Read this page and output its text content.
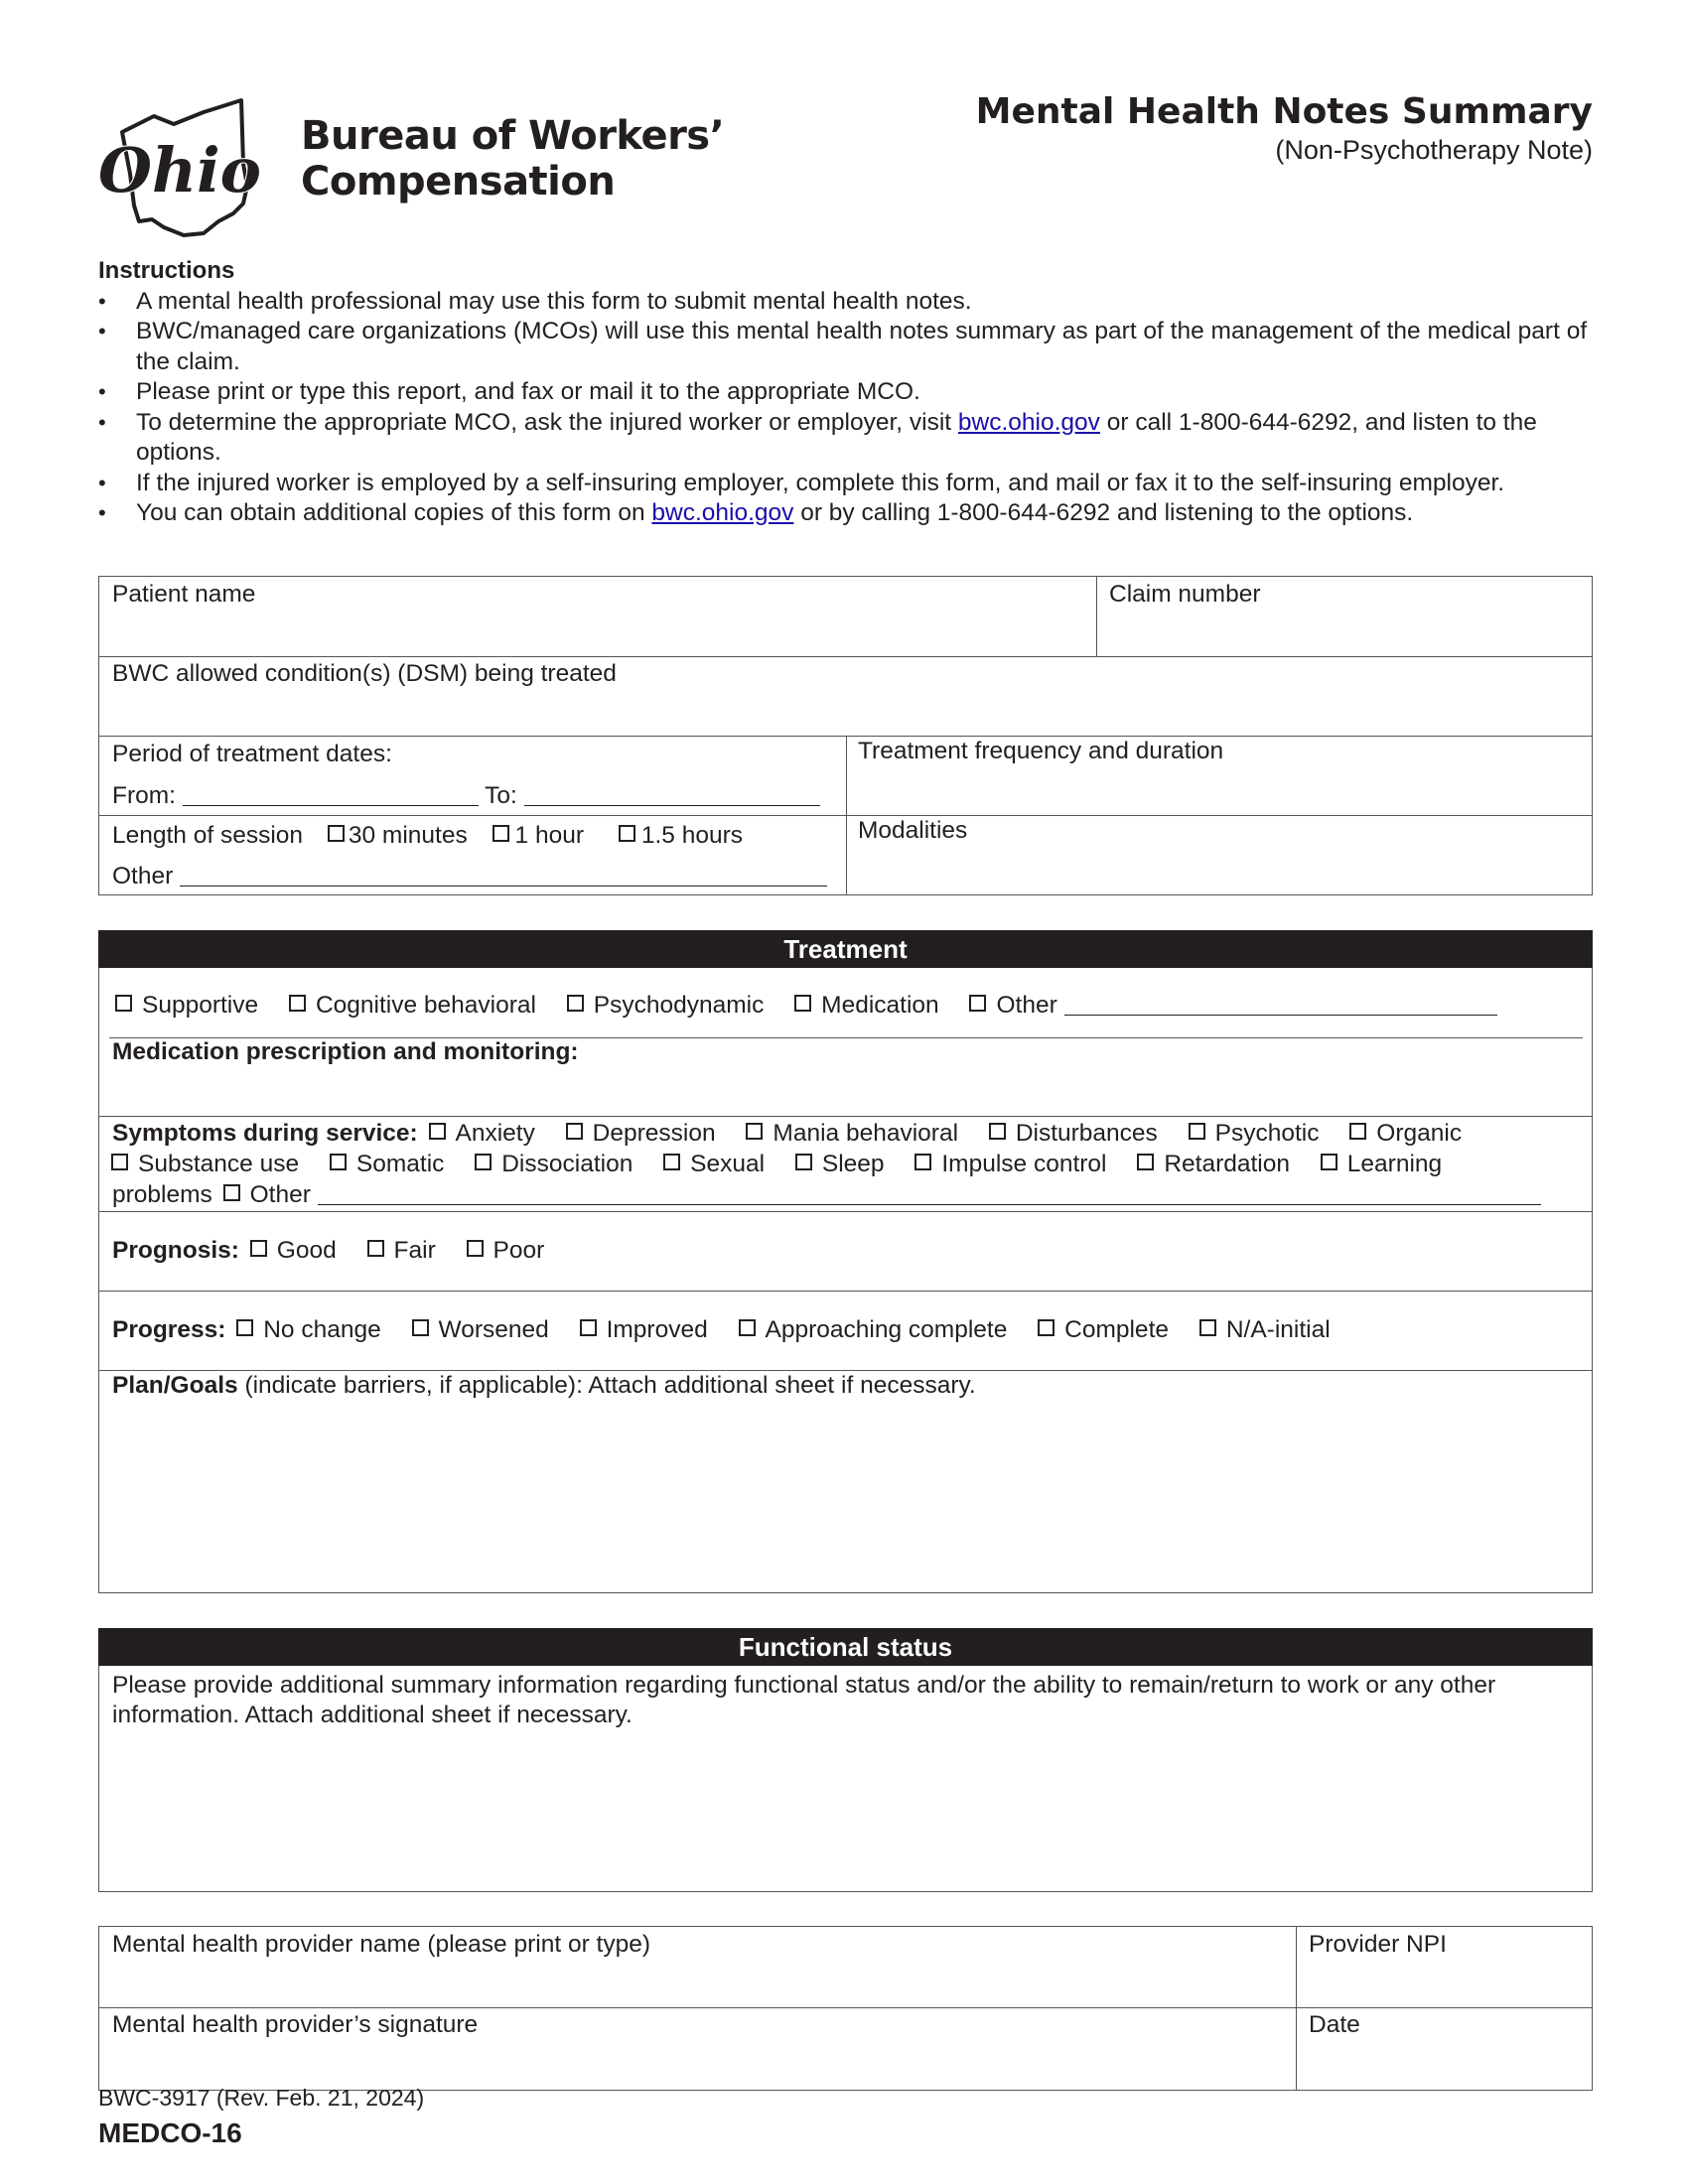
Ohio Bureau of Workers’
Compensation
Mental Health Notes Summary
(Non-Psychotherapy Note)
Instructions
• A mental health professional may use this form to submit mental health notes.
• BWC/managed care organizations (MCOs) will use this mental health notes summary as part of the management of the medical part of the claim.
• Please print or type this report, and fax or mail it to the appropriate MCO.
• To determine the appropriate MCO, ask the injured worker or employer, visit bwc.ohio.gov or call 1-800-644-6292, and listen to the options.
• If the injured worker is employed by a self-insuring employer, complete this form, and mail or fax it to the self-insuring employer.
• You can obtain additional copies of this form on bwc.ohio.gov or by calling 1-800-644-6292 and listening to the options.
Patient name	Claim number
BWC allowed condition(s) (DSM) being treated
Period of treatment dates:
From:	To:
Treatment frequency and duration
Length of session 30 minutes 1 hour 1.5 hours
Other
Modalities
Treatment
Supportive Cognitive behavioral Psychodynamic Medication Other
Medication prescription and monitoring:
Symptoms during service: Anxiety Depression Mania behavioral Disturbances Psychotic Organic
Substance use Somatic Dissociation Sexual Sleep Impulse control Retardation Learning
problems Other
Prognosis: Good Fair Poor
Progress: No change Worsened Improved Approaching complete Complete N/A-initial
Plan/Goals (indicate barriers, if applicable): Attach additional sheet if necessary.
Functional status
Please provide additional summary information regarding functional status and/or the ability to remain/return to work or any other information. Attach additional sheet if necessary.
Mental health provider name (please print or type)	Provider NPI
Mental health provider’s signature	Date
BWC-3917 (Rev. Feb. 21, 2024)
MEDCO-16
